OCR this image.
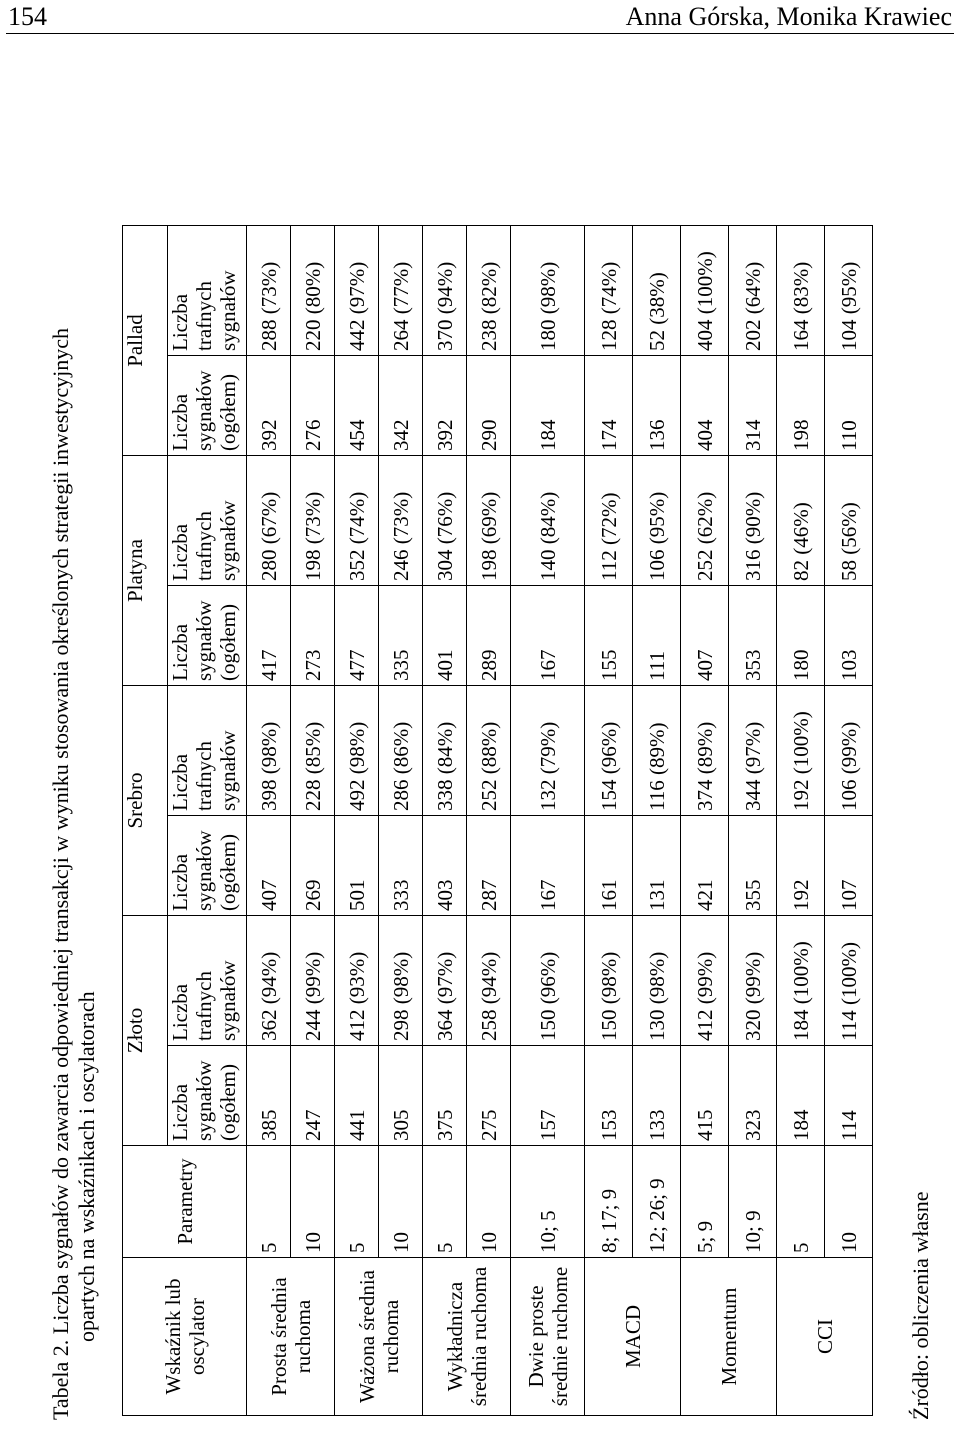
154	Anna Górska, Monika Krawiec
Tabela 2. Liczba sygnałów do zawarcia odpowiedniej transakcji w wyniku stosowania określonych strategii inwestycyjnych opartych na wskaźnikach i oscylatorach	Wskaźnik lub oscylator	Parametry	Złoto		Srebro		Platyna		Pallad	
		Liczba sygnałów (ogółem)	Liczba trafnych sygnałów	Liczba sygnałów (ogółem)	Liczba trafnych sygnałów	Liczba sygnałów (ogółem)	Liczba trafnych sygnałów	Liczba sygnałów (ogółem)	Liczba trafnych sygnałów
Prosta średnia ruchoma	5	385	362 (94%)	407	398 (98%)	417	280 (67%)	392	288 (73%)
	10	247	244 (99%)	269	228 (85%)	273	198 (73%)	276	220 (80%)
Ważona średnia ruchoma	5	441	412 (93%)	501	492 (98%)	477	352 (74%)	454	442 (97%)
	10	305	298 (98%)	333	286 (86%)	335	246 (73%)	342	264 (77%)
Wykładnicza średnia ruchoma	5	375	364 (97%)	403	338 (84%)	401	304 (76%)	392	370 (94%)
	10	275	258 (94%)	287	252 (88%)	289	198 (69%)	290	238 (82%)
Dwie proste średnie ruchome	10; 5	157	150 (96%)	167	132 (79%)	167	140 (84%)	184	180 (98%)
MACD	8; 17; 9	153	150 (98%)	161	154 (96%)	155	112 (72%)	174	128 (74%)
	12; 26; 9	133	130 (98%)	131	116 (89%)	111	106 (95%)	136	52 (38%)
Momentum	5; 9	415	412 (99%)	421	374 (89%)	407	252 (62%)	404	404 (100%)
	10; 9	323	320 (99%)	355	344 (97%)	353	316 (90%)	314	202 (64%)
CCI	5	184	184 (100%)	192	192 (100%)	180	82 (46%)	198	164 (83%)
	10	114	114 (100%)	107	106 (99%)	103	58 (56%)	110	104 (95%)
Źródło: obliczenia własne
